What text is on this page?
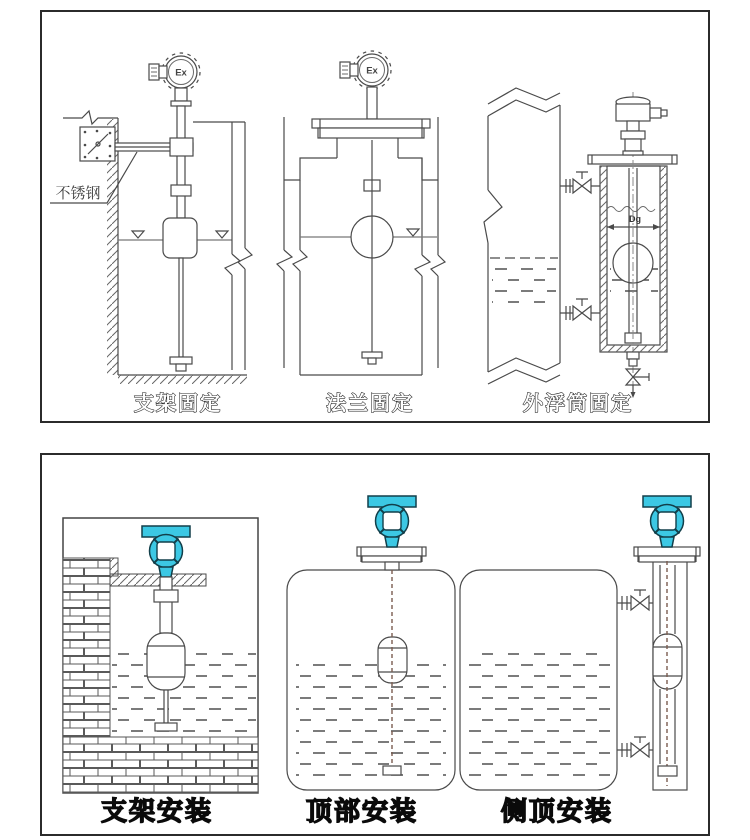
Ex
不锈钢
支架固定
Ex
法兰固定
Dg
外浮筒固定
支架安装	顶部安装	侧顶安装
